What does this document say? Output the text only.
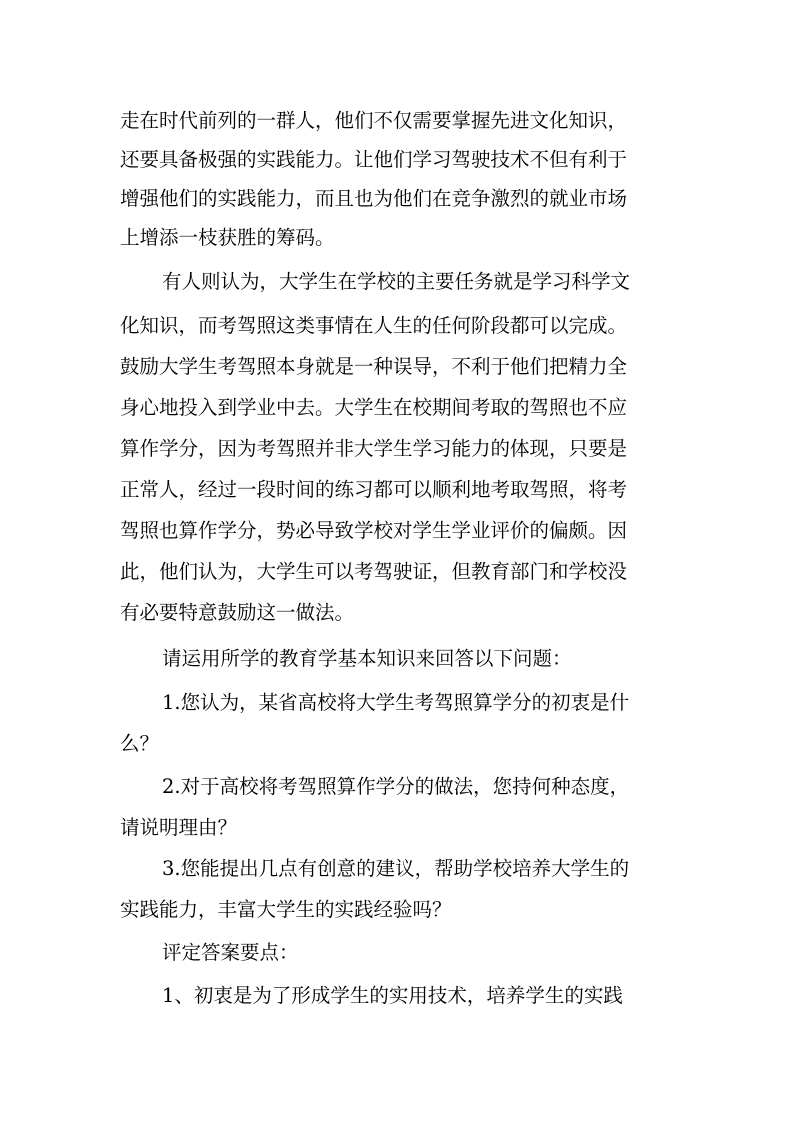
走在时代前列的一群人，他们不仅需要掌握先进文化知识，
还要具备极强的实践能力。让他们学习驾驶技术不但有利于
增强他们的实践能力，而且也为他们在竞争激烈的就业市场
上增添一枝获胜的筹码。
有人则认为，大学生在学校的主要任务就是学习科学文
化知识，而考驾照这类事情在人生的任何阶段都可以完成。
鼓励大学生考驾照本身就是一种误导，不利于他们把精力全
身心地投入到学业中去。大学生在校期间考取的驾照也不应
算作学分，因为考驾照并非大学生学习能力的体现，只要是
正常人，经过一段时间的练习都可以顺利地考取驾照，将考
驾照也算作学分，势必导致学校对学生学业评价的偏颇。因
此，他们认为，大学生可以考驾驶证，但教育部门和学校没
有必要特意鼓励这一做法。
请运用所学的教育学基本知识来回答以下问题：
1.您认为，某省高校将大学生考驾照算学分的初衷是什
么？
2.对于高校将考驾照算作学分的做法，您持何种态度，
请说明理由？
3.您能提出几点有创意的建议，帮助学校培养大学生的
实践能力，丰富大学生的实践经验吗？
评定答案要点：
1、初衷是为了形成学生的实用技术，培养学生的实践
